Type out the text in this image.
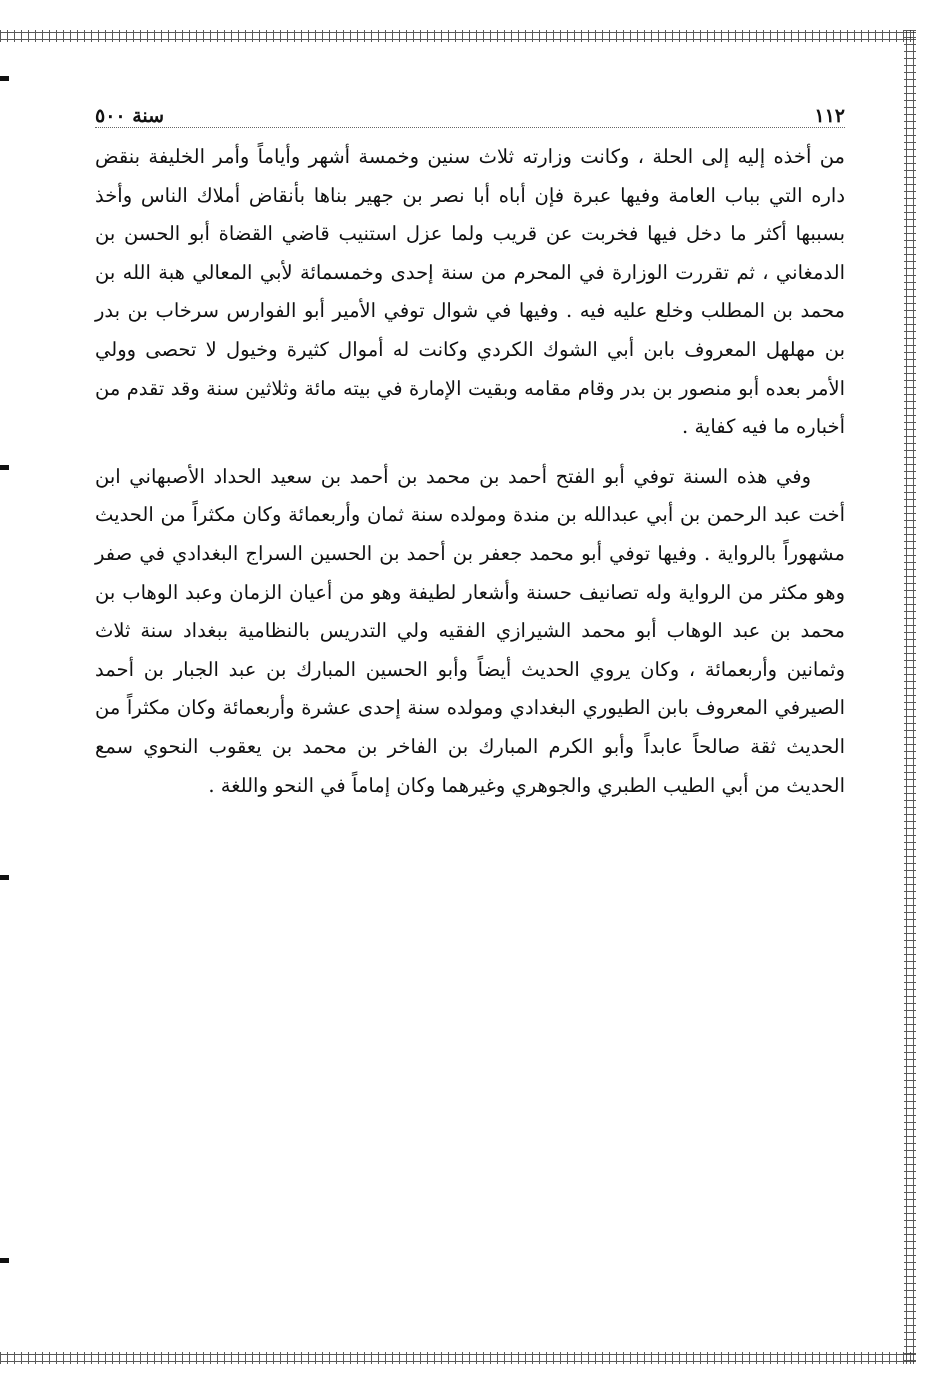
١١٢
سنة ٥٠٠

من أخذه إليه إلى الحلة ، وكانت وزارته ثلاث سنين وخمسة أشهر وأياماً وأمر الخليفة بنقض داره التي بباب العامة وفيها عبرة فإن أباه أبا نصر بن جهير بناها بأنقاض أملاك الناس وأخذ بسببها أكثر ما دخل فيها فخربت عن قريب ولما عزل استنيب قاضي القضاة أبو الحسن بن الدمغاني ، ثم تقررت الوزارة في المحرم من سنة إحدى وخمسمائة لأبي المعالي هبة الله بن محمد بن المطلب وخلع عليه فيه . وفيها في شوال توفي الأمير أبو الفوارس سرخاب بن بدر بن مهلهل المعروف بابن أبي الشوك الكردي وكانت له أموال كثيرة وخيول لا تحصى وولي الأمر بعده أبو منصور بن بدر وقام مقامه وبقيت الإمارة في بيته مائة وثلاثين سنة وقد تقدم من أخباره ما فيه كفاية .

وفي هذه السنة توفي أبو الفتح أحمد بن محمد بن أحمد بن سعيد الحداد الأصبهاني ابن أخت عبد الرحمن بن أبي عبدالله بن مندة ومولده سنة ثمان وأربعمائة وكان مكثراً من الحديث مشهوراً بالرواية . وفيها توفي أبو محمد جعفر بن أحمد بن الحسين السراج البغدادي في صفر وهو مكثر من الرواية وله تصانيف حسنة وأشعار لطيفة وهو من أعيان الزمان وعبد الوهاب بن محمد بن عبد الوهاب أبو محمد الشيرازي الفقيه ولي التدريس بالنظامية ببغداد سنة ثلاث وثمانين وأربعمائة ، وكان يروي الحديث أيضاً وأبو الحسين المبارك بن عبد الجبار بن أحمد الصيرفي المعروف بابن الطيوري البغدادي ومولده سنة إحدى عشرة وأربعمائة وكان مكثراً من الحديث ثقة صالحاً عابداً وأبو الكرم المبارك بن الفاخر بن محمد بن يعقوب النحوي سمع الحديث من أبي الطيب الطبري والجوهري وغيرهما وكان إماماً في النحو واللغة .
